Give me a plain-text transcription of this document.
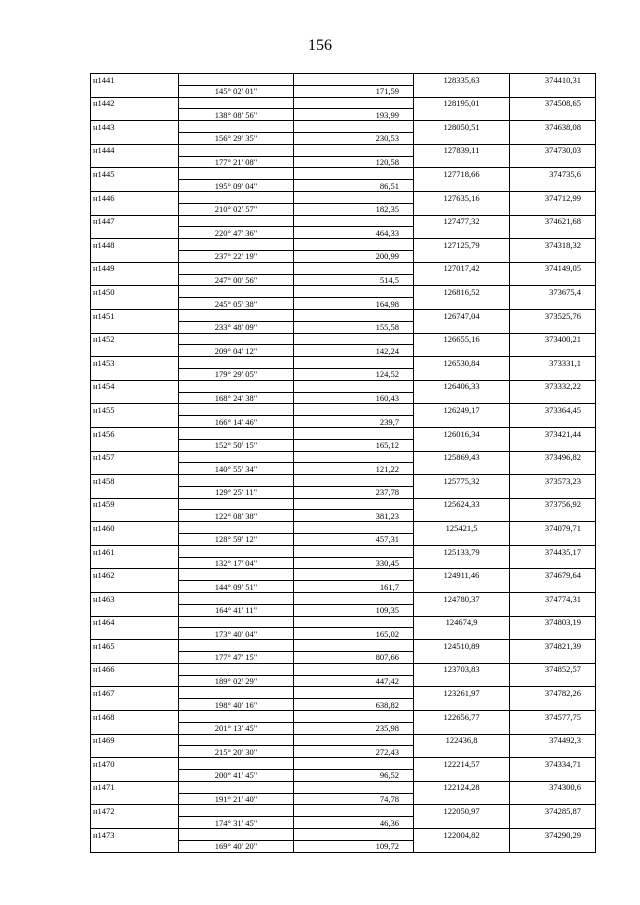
156
н1441			128335,63	374410,31
	145° 02' 01"	171,59		
н1442			128195,01	374508,65
	138° 08' 56"	193,99		
н1443			128050,51	374638,08
	156° 29' 35"	230,53		
н1444			127839,11	374730,03
	177° 21' 08"	120,58		
н1445			127718,66	374735,6
	195° 09' 04"	86,51		
н1446			127635,16	374712,99
	210° 02' 57"	182,35		
н1447			127477,32	374621,68
	220° 47' 36"	464,33		
н1448			127125,79	374318,32
	237° 22' 19"	200,99		
н1449			127017,42	374149,05
	247° 00' 56"	514,5		
н1450			126816,52	373675,4
	245° 05' 38"	164,98		
н1451			126747,04	373525,76
	233° 48' 09"	155,58		
н1452			126655,16	373400,21
	209° 04' 12"	142,24		
н1453			126530,84	373331,1
	179° 29' 05"	124,52		
н1454			126406,33	373332,22
	168° 24' 38"	160,43		
н1455			126249,17	373364,45
	166° 14' 46"	239,7		
н1456			126016,34	373421,44
	152° 50' 15"	165,12		
н1457			125869,43	373496,82
	140° 55' 34"	121,22		
н1458			125775,32	373573,23
	129° 25' 11"	237,78		
н1459			125624,33	373756,92
	122° 08' 38"	381,23		
н1460			125421,5	374079,71
	128° 59' 12"	457,31		
н1461			125133,79	374435,17
	132° 17' 04"	330,45		
н1462			124911,46	374679,64
	144° 09' 51"	161,7		
н1463			124780,37	374774,31
	164° 41' 11"	109,35		
н1464			124674,9	374803,19
	173° 40' 04"	165,02		
н1465			124510,89	374821,39
	177° 47' 15"	807,66		
н1466			123703,83	374852,57
	189° 02' 29"	447,42		
н1467			123261,97	374782,26
	198° 40' 16"	638,82		
н1468			122656,77	374577,75
	201° 13' 45"	235,98		
н1469			122436,8	374492,3
	215° 20' 30"	272,43		
н1470			122214,57	374334,71
	200° 41' 45"	96,52		
н1471			122124,28	374300,6
	191° 21' 40"	74,78		
н1472			122050,97	374285,87
	174° 31' 45"	46,36		
н1473			122004,82	374290,29
	169° 40' 20"	109,72		
